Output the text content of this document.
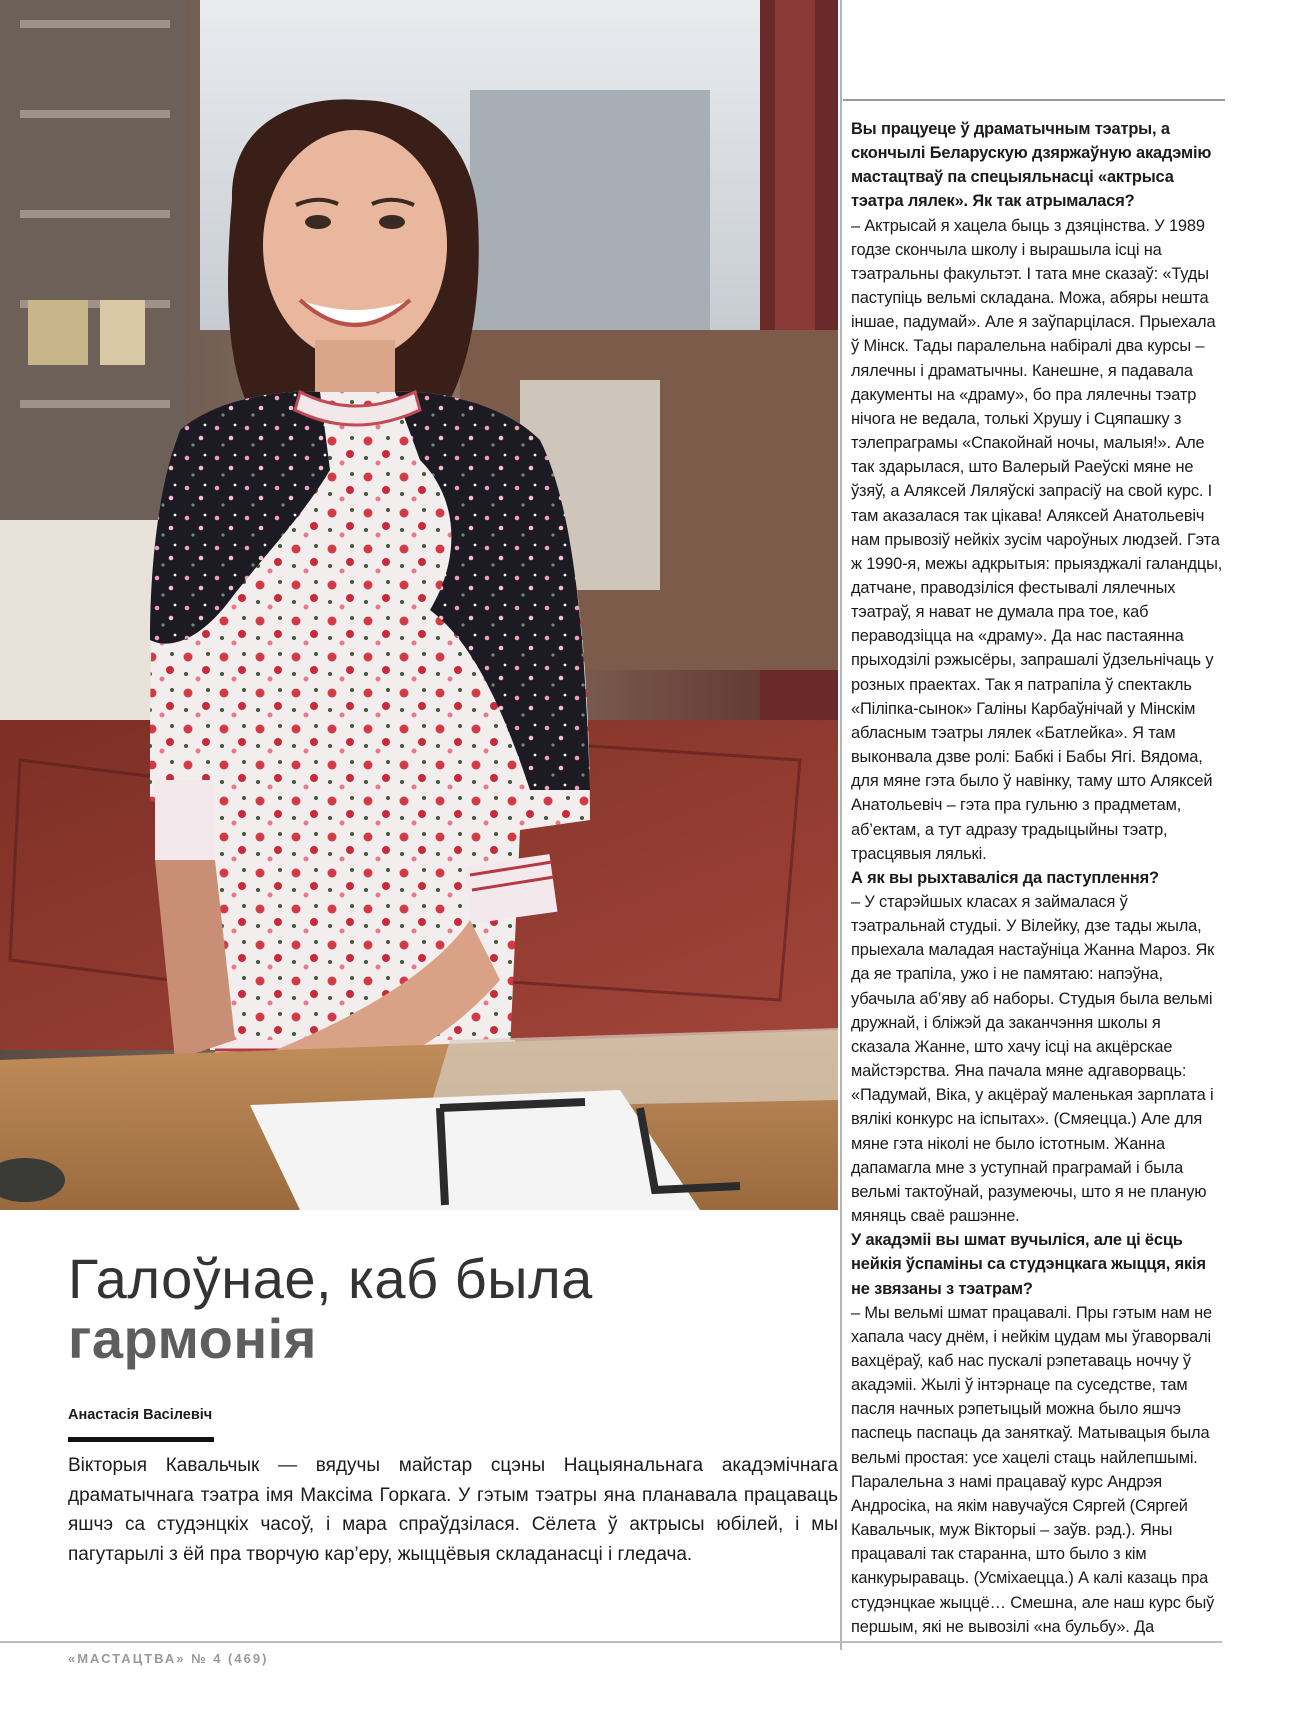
Вы працуеце ў драматычным тэатры, а скончылі Беларускую дзяржаўную акадэмію мастацтваў па спецыяльнасці «актрыса тэатра лялек». Як так атрымалася?

– Актрысай я хацела быць з дзяцінства. У 1989 годзе скончыла школу і вырашыла ісці на тэатральны факультэт. І тата мне сказаў: «Туды паступіць вельмі складана. Можа, абяры нешта іншае, падумай». Але я заўпарцілася. Прыехала ў Мінск. Тады паралельна набіралі два курсы – лялечны і драматычны. Канешне, я падавала дакументы на «драму», бо пра лялечны тэатр нічога не ведала, толькі Хрушу і Сцяпашку з тэлепраграмы «Спакойнай ночы, малыя!». Але так здарылася, што Валерый Раеўскі мяне не ўзяў, а Аляксей Ляляўскі запрасіў на свой курс. І там аказалася так цікава! Аляксей Анатольевіч нам прывозіў нейкіх зусім чароўных людзей. Гэта ж 1990-я, межы адкрытыя: прыязджалі галандцы, датчане, праводзіліся фестывалі лялечных тэатраў, я нават не думала пра тое, каб пераводзіцца на «драму». Да нас пастаянна прыходзілі рэжысёры, запрашалі ўдзельнічаць у розных праектах. Так я патрапіла ў спектакль «Піліпка-сынок» Галіны Карбаўнічай у Мінскім абласным тэатры лялек «Батлейка». Я там выконвала дзве ролі: Бабкі і Бабы Ягі. Вядома, для мяне гэта было ў навінку, таму што Аляксей Анатольевіч – гэта пра гульню з прадметам, аб’ектам, а тут адразу традыцыйны тэатр, трасцявыя лялькі.

А як вы рыхтаваліся да паступлення?

– У старэйшых класах я займалася ў тэатральнай студыі. У Вілейку, дзе тады жыла, прыехала маладая настаўніца Жанна Мароз. Як да яе трапіла, ужо і не памятаю: напэўна, убачыла аб’яву аб наборы. Студыя была вельмі дружнай, і бліжэй да заканчэння школы я сказала Жанне, што хачу ісці на акцёрскае майстэрства. Яна пачала мяне адгаворваць: «Падумай, Віка, у акцёраў маленькая зарплата і вялікі конкурс на іспытах». (Смяецца.) Але для мяне гэта ніколі не было істотным. Жанна дапамагла мне з уступнай праграмай і была вельмі тактоўнай, разумеючы, што я не планую мяняць сваё рашэнне.

У акадэміі вы шмат вучыліся, але ці ёсць нейкія ўспаміны са студэнцкага жыцця, якія не звязаны з тэатрам?

– Мы вельмі шмат працавалі. Пры гэтым нам не хапала часу днём, і нейкім цудам мы ўгаворвалі вахцёраў, каб нас пускалі рэпетаваць ноччу ў акадэміі. Жылі ў інтэрнаце па суседстве, там пасля начных рэпетыцый можна было яшчэ паспець паспаць да заняткаў. Матывацыя была вельмі простая: усе хацелі стаць найлепшымі. Паралельна з намі працаваў курс Андрэя Андросіка, на якім навучаўся Сяргей (Сяргей Кавальчык, муж Вікторыі – заўв. рэд.). Яны працавалі так старанна, што было з кім канкурыраваць. (Усміхаецца.) А калі казаць пра студэнцкае жыццё… Смешна, але наш курс быў першым, які не вывозілі «на бульбу». Да

Галоўнае, каб была
гармонія
Анастасія Васілевіч
Вікторыя Кавальчык — вядучы майстар сцэны Нацыянальнага акадэмічнага драматычнага тэатра імя Максіма Горкага. У гэтым тэатры яна планавала працаваць яшчэ са студэнцкіх часоў, і мара спраўдзілася. Сёлета ў актрысы юбілей, і мы пагутарылі з ёй пра творчую кар’еру, жыццёвыя складанасці і гледача.
«МАСТАЦТВА» № 4 (469)
